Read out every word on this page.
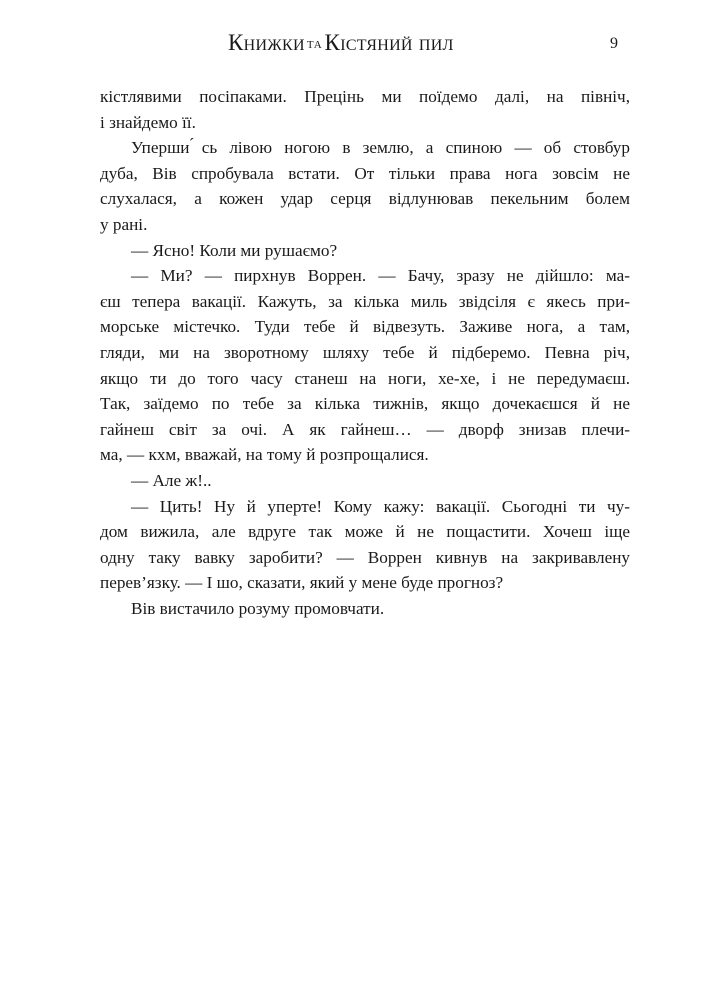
Книжки ТАКістяний пил	9
кістлявими посіпаками. Прецінь ми поїдемо далі, на північ,
і знайдемо її.
Уперши ́сь лівою ногою в землю, а спиною — об стовбур
дуба, Вів спробувала встати. От тільки права нога зовсім не
слухалася, а кожен удар серця відлунював пекельним болем
у рані.
— Ясно! Коли ми рушаємо?
— Ми? — пирхнув Воррен. — Бачу, зразу не дійшло: ма-
єш тепера вакації. Кажуть, за кілька миль звідсіля є якесь при-
морське містечко. Туди тебе й відвезуть. Заживе нога, а там,
гляди, ми на зворотному шляху тебе й підберемо. Певна річ,
якщо ти до того часу станеш на ноги, хе-хе, і не передумаєш.
Так, заїдемо по тебе за кілька тижнів, якщо дочекаєшся й не
гайнеш світ за очі. А як гайнеш… — дворф знизав плечи-
ма, — кхм, вважай, на тому й розпрощалися.
— Але ж!..
— Цить! Ну й уперте! Кому кажу: вакації. Сьогодні ти чу-
дом вижила, але вдруге так може й не пощастити. Хочеш іще
одну таку вавку заробити? — Воррен кивнув на закривавлену
перев’язку. — І шо, сказати, який у мене буде прогноз?
Вів вистачило розуму промовчати.
